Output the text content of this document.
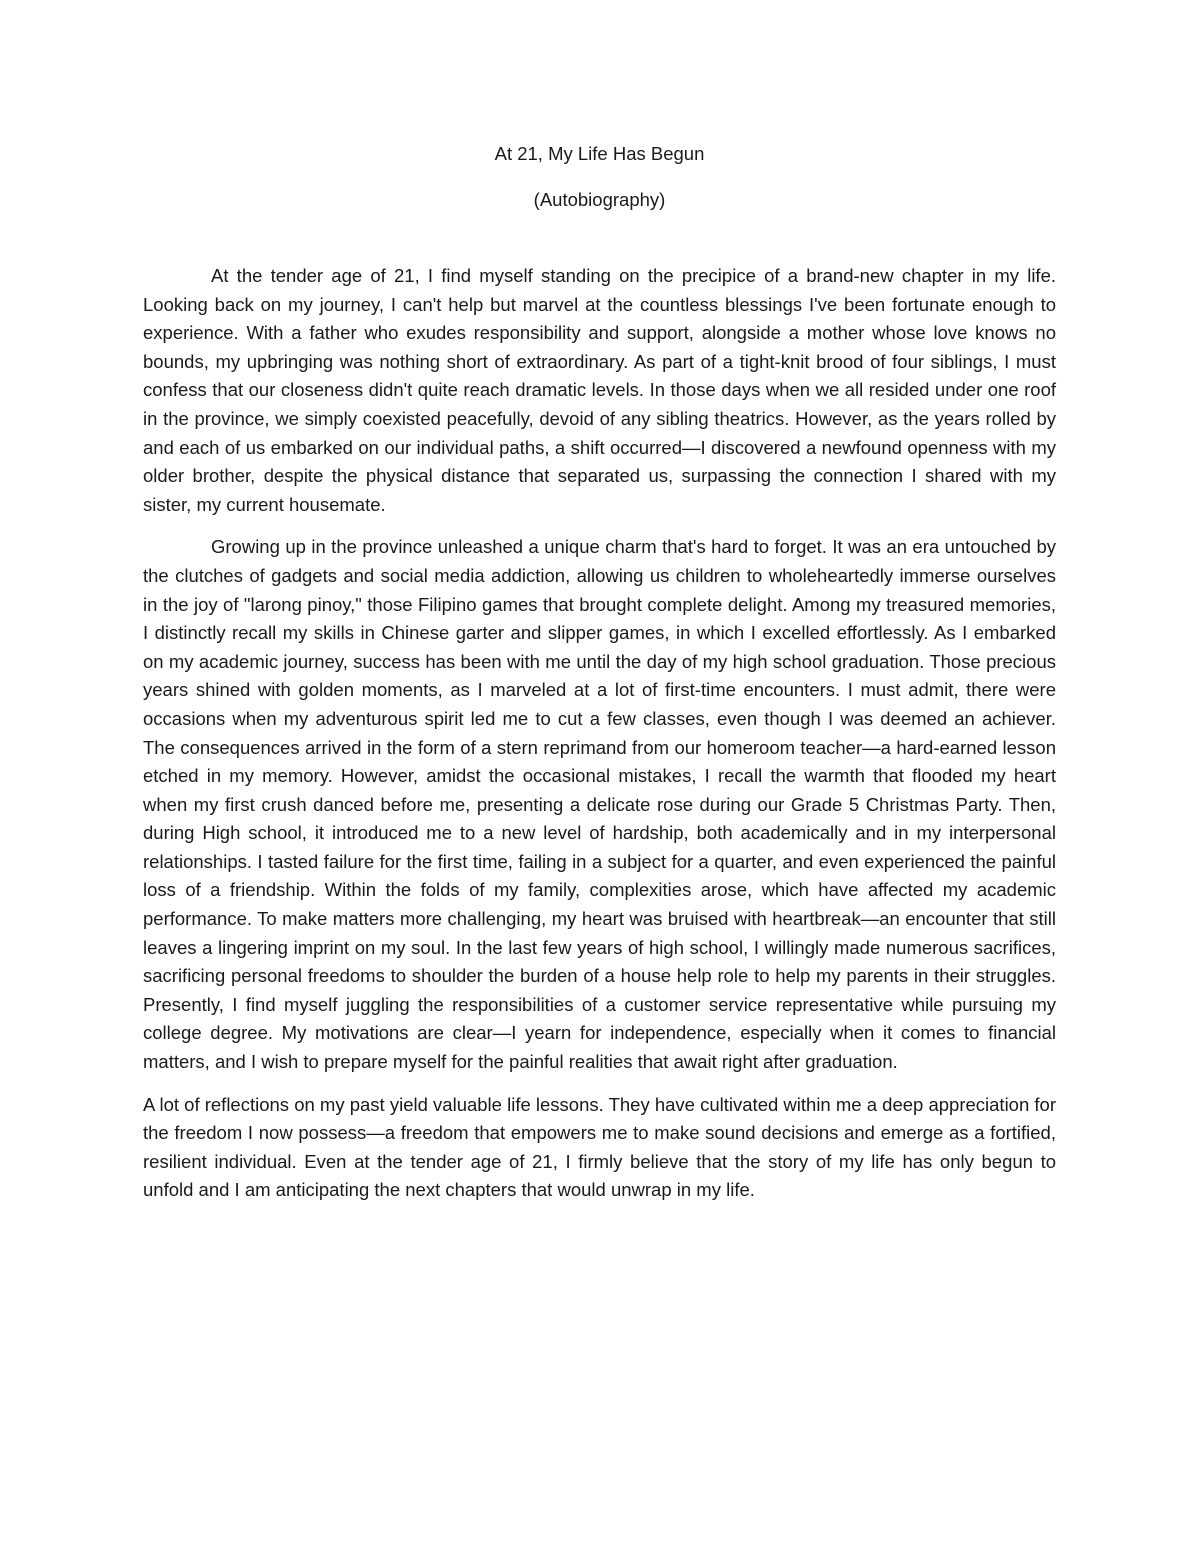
At 21, My Life Has Begun

(Autobiography)

At the tender age of 21, I find myself standing on the precipice of a brand-new chapter in my life. Looking back on my journey, I can't help but marvel at the countless blessings I've been fortunate enough to experience. With a father who exudes responsibility and support, alongside a mother whose love knows no bounds, my upbringing was nothing short of extraordinary. As part of a tight-knit brood of four siblings, I must confess that our closeness didn't quite reach dramatic levels. In those days when we all resided under one roof in the province, we simply coexisted peacefully, devoid of any sibling theatrics. However, as the years rolled by and each of us embarked on our individual paths, a shift occurred—I discovered a newfound openness with my older brother, despite the physical distance that separated us, surpassing the connection I shared with my sister, my current housemate.

Growing up in the province unleashed a unique charm that's hard to forget. It was an era untouched by the clutches of gadgets and social media addiction, allowing us children to wholeheartedly immerse ourselves in the joy of "larong pinoy," those Filipino games that brought complete delight. Among my treasured memories, I distinctly recall my skills in Chinese garter and slipper games, in which I excelled effortlessly. As I embarked on my academic journey, success has been with me until the day of my high school graduation. Those precious years shined with golden moments, as I marveled at a lot of first-time encounters. I must admit, there were occasions when my adventurous spirit led me to cut a few classes, even though I was deemed an achiever. The consequences arrived in the form of a stern reprimand from our homeroom teacher—a hard-earned lesson etched in my memory. However, amidst the occasional mistakes, I recall the warmth that flooded my heart when my first crush danced before me, presenting a delicate rose during our Grade 5 Christmas Party. Then, during High school, it introduced me to a new level of hardship, both academically and in my interpersonal relationships. I tasted failure for the first time, failing in a subject for a quarter, and even experienced the painful loss of a friendship. Within the folds of my family, complexities arose, which have affected my academic performance. To make matters more challenging, my heart was bruised with heartbreak—an encounter that still leaves a lingering imprint on my soul. In the last few years of high school, I willingly made numerous sacrifices, sacrificing personal freedoms to shoulder the burden of a house help role to help my parents in their struggles. Presently, I find myself juggling the responsibilities of a customer service representative while pursuing my college degree. My motivations are clear—I yearn for independence, especially when it comes to financial matters, and I wish to prepare myself for the painful realities that await right after graduation.

A lot of reflections on my past yield valuable life lessons. They have cultivated within me a deep appreciation for the freedom I now possess—a freedom that empowers me to make sound decisions and emerge as a fortified, resilient individual. Even at the tender age of 21, I firmly believe that the story of my life has only begun to unfold and I am anticipating the next chapters that would unwrap in my life.
